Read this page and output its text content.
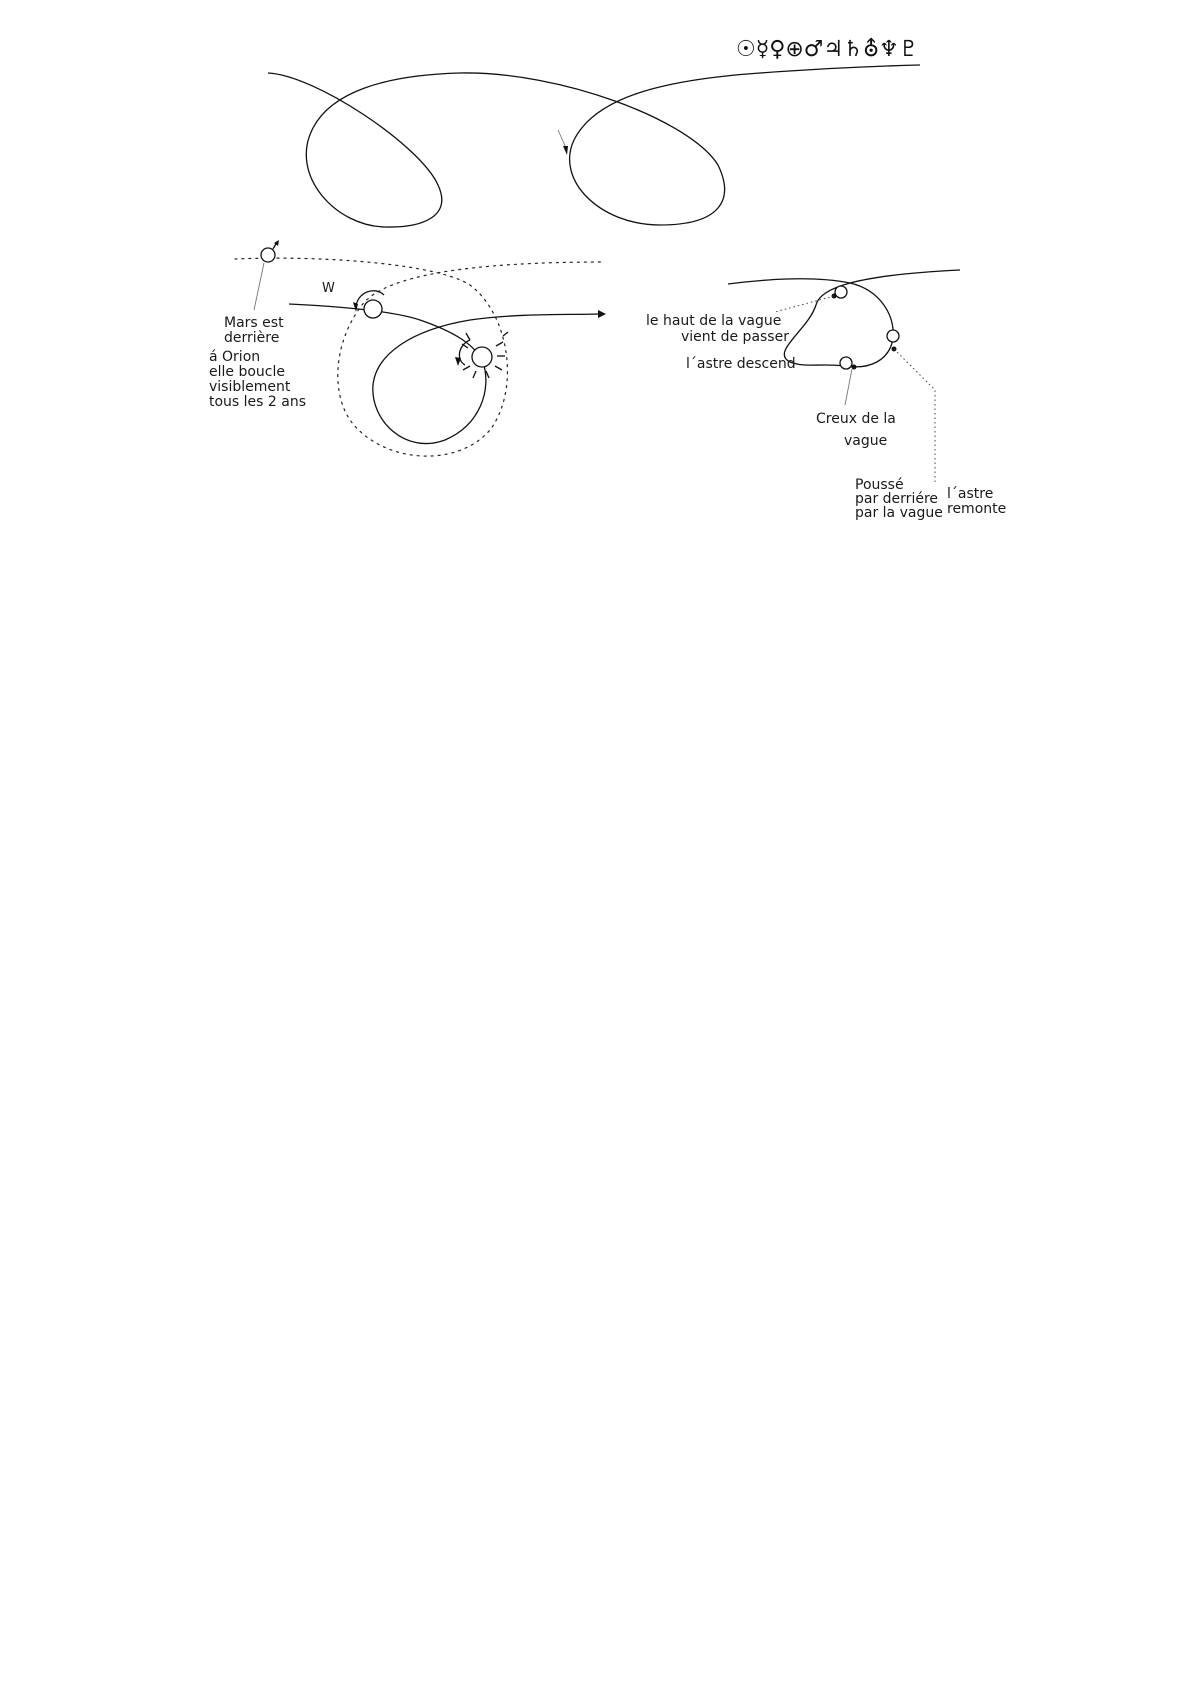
☉☿♀⊕♂♃♄⛢♆♇
W
Mars est derrière
á Orion elle boucle visiblement tous les 2 ans
le haut de la vague vient de passer
l´astre descend
Creux de la vague
Poussé par derriére par la vague
l´astre remonte
